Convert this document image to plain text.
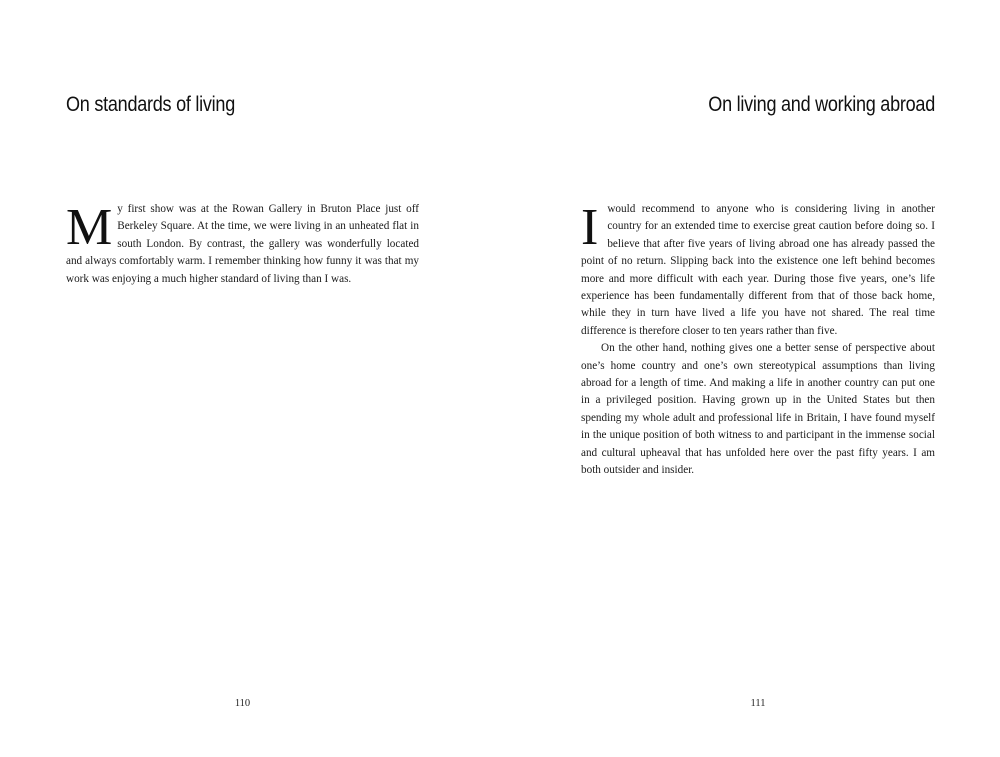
On standards of living

My first show was at the Rowan Gallery in Bruton Place just off Berkeley Square. At the time, we were living in an unheated flat in south London. By contrast, the gallery was wonderfully located and always comfortably warm. I remember thinking how funny it was that my work was enjoying a much higher standard of living than I was.

110
On living and working abroad

Iwould recommend to anyone who is considering living in another country for an extended time to exercise great caution before doing so. I believe that after five years of living abroad one has already passed the point of no return. Slipping back into the existence one left behind becomes more and more difficult with each year. During those five years, one’s life experience has been fundamentally different from that of those back home, while they in turn have lived a life you have not shared. The real time difference is therefore closer to ten years rather than five.

On the other hand, nothing gives one a better sense of perspective about one’s home country and one’s own stereotypical assumptions than living abroad for a length of time. And making a life in another country can put one in a privileged position. Having grown up in the United States but then spending my whole adult and professional life in Britain, I have found myself in the unique position of both witness to and participant in the immense social and cultural upheaval that has unfolded here over the past fifty years. I am both outsider and insider.

111
